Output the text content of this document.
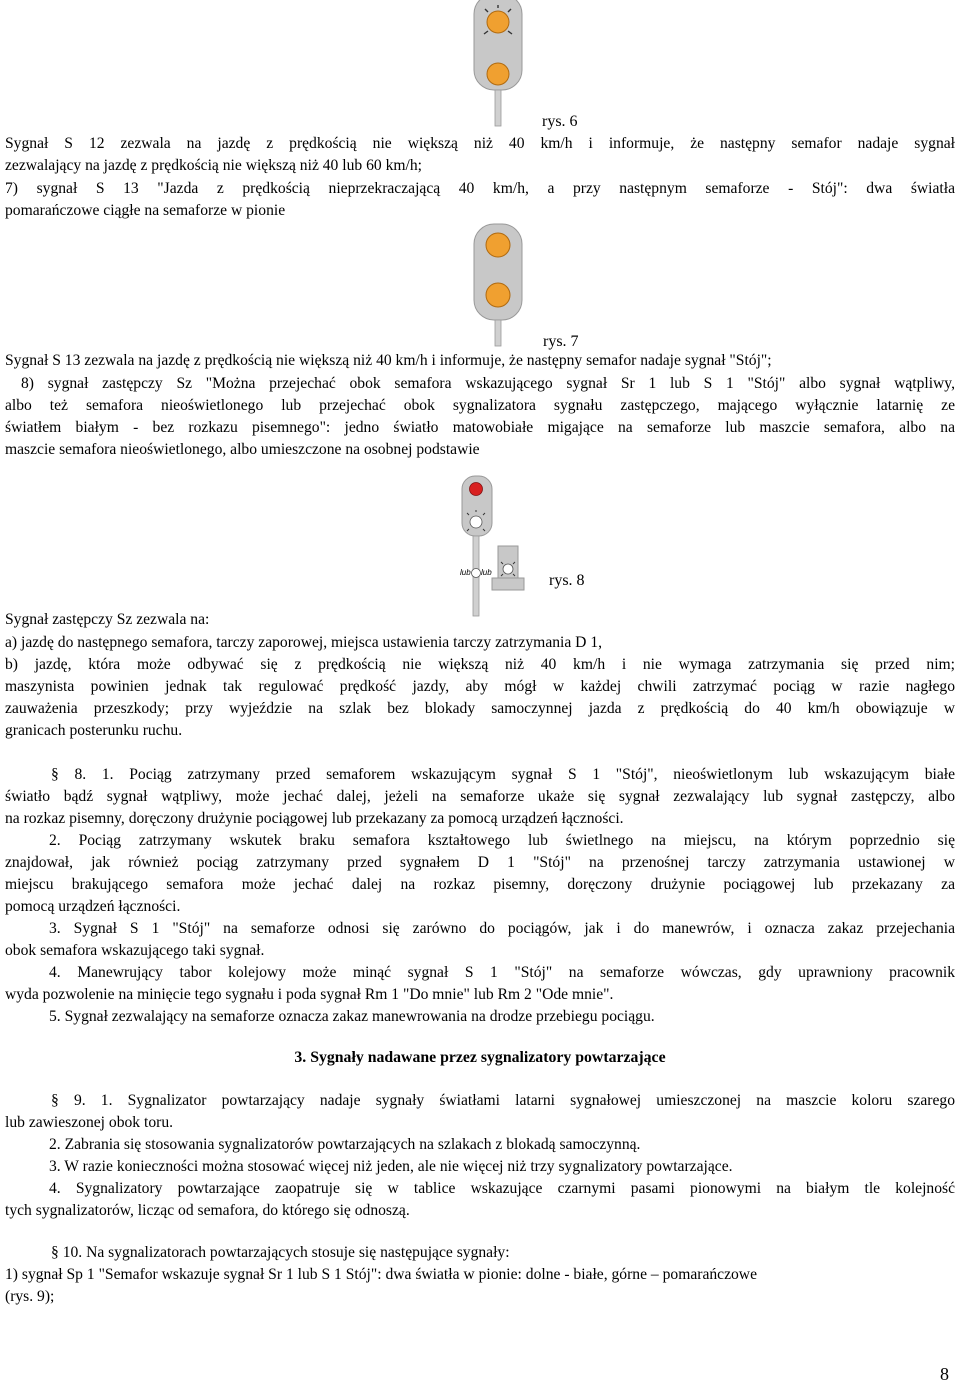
rys. 6
Sygnał S 12 zezwala na jazdę z prędkością nie większą niż 40 km/h i informuje, że następny semafor nadaje sygnał
zezwalający na jazdę z prędkością nie większą niż 40 lub 60 km/h;
7) sygnał S 13 "Jazda z prędkością nieprzekraczającą 40 km/h, a przy następnym semaforze - Stój": dwa światła
pomarańczowe ciągłe na semaforze w pionie
rys. 7
Sygnał S 13 zezwala na jazdę z prędkością nie większą niż 40 km/h i informuje, że następny semafor nadaje sygnał "Stój";
8) sygnał zastępczy Sz "Można przejechać obok semafora wskazującego sygnał Sr 1 lub S 1 "Stój" albo sygnał wątpliwy,
albo też semafora nieoświetlonego lub przejechać obok sygnalizatora sygnału zastępczego, mającego wyłącznie latarnię ze
światłem białym - bez rozkazu pisemnego": jedno światło matowobiałe migające na semaforze lub maszcie semafora, albo na
maszcie semafora nieoświetlonego, albo umieszczone na osobnej podstawie
lub lub	rys. 8
Sygnał zastępczy Sz zezwala na:
a) jazdę do następnego semafora, tarczy zaporowej, miejsca ustawienia tarczy zatrzymania D 1,
b) jazdę, która może odbywać się z prędkością nie większą niż 40 km/h i nie wymaga zatrzymania się przed nim;
maszynista powinien jednak tak regulować prędkość jazdy, aby mógł w każdej chwili zatrzymać pociąg w razie nagłego
zauważenia przeszkody; przy wyjeździe na szlak bez blokady samoczynnej jazda z prędkością do 40 km/h obowiązuje w
granicach posterunku ruchu.
§ 8. 1. Pociąg zatrzymany przed semaforem wskazującym sygnał S 1 "Stój", nieoświetlonym lub wskazującym białe
światło bądź sygnał wątpliwy, może jechać dalej, jeżeli na semaforze ukaże się sygnał zezwalający lub sygnał zastępczy, albo
na rozkaz pisemny, doręczony drużynie pociągowej lub przekazany za pomocą urządzeń łączności.
2. Pociąg zatrzymany wskutek braku semafora kształtowego lub świetlnego na miejscu, na którym poprzednio się
znajdował, jak również pociąg zatrzymany przed sygnałem D 1 "Stój" na przenośnej tarczy zatrzymania ustawionej w
miejscu brakującego semafora może jechać dalej na rozkaz pisemny, doręczony drużynie pociągowej lub przekazany za
pomocą urządzeń łączności.
3. Sygnał S 1 "Stój" na semaforze odnosi się zarówno do pociągów, jak i do manewrów, i oznacza zakaz przejechania
obok semafora wskazującego taki sygnał.
4. Manewrujący tabor kolejowy może minąć sygnał S 1 "Stój" na semaforze wówczas, gdy uprawniony pracownik
wyda pozwolenie na minięcie tego sygnału i poda sygnał Rm 1 "Do mnie" lub Rm 2 "Ode mnie".
5. Sygnał zezwalający na semaforze oznacza zakaz manewrowania na drodze przebiegu pociągu.
3. Sygnały nadawane przez sygnalizatory powtarzające
§ 9. 1. Sygnalizator powtarzający nadaje sygnały światłami latarni sygnałowej umieszczonej na maszcie koloru szarego
lub zawieszonej obok toru.
2. Zabrania się stosowania sygnalizatorów powtarzających na szlakach z blokadą samoczynną.
3. W razie konieczności można stosować więcej niż jeden, ale nie więcej niż trzy sygnalizatory powtarzające.
4. Sygnalizatory powtarzające zaopatruje się w tablice wskazujące czarnymi pasami pionowymi na białym tle kolejność
tych sygnalizatorów, licząc od semafora, do którego się odnoszą.
§ 10. Na sygnalizatorach powtarzających stosuje się następujące sygnały:
1) sygnał Sp 1 "Semafor wskazuje sygnał Sr 1 lub S 1 Stój": dwa światła w pionie: dolne - białe, górne – pomarańczowe
(rys. 9);
8
